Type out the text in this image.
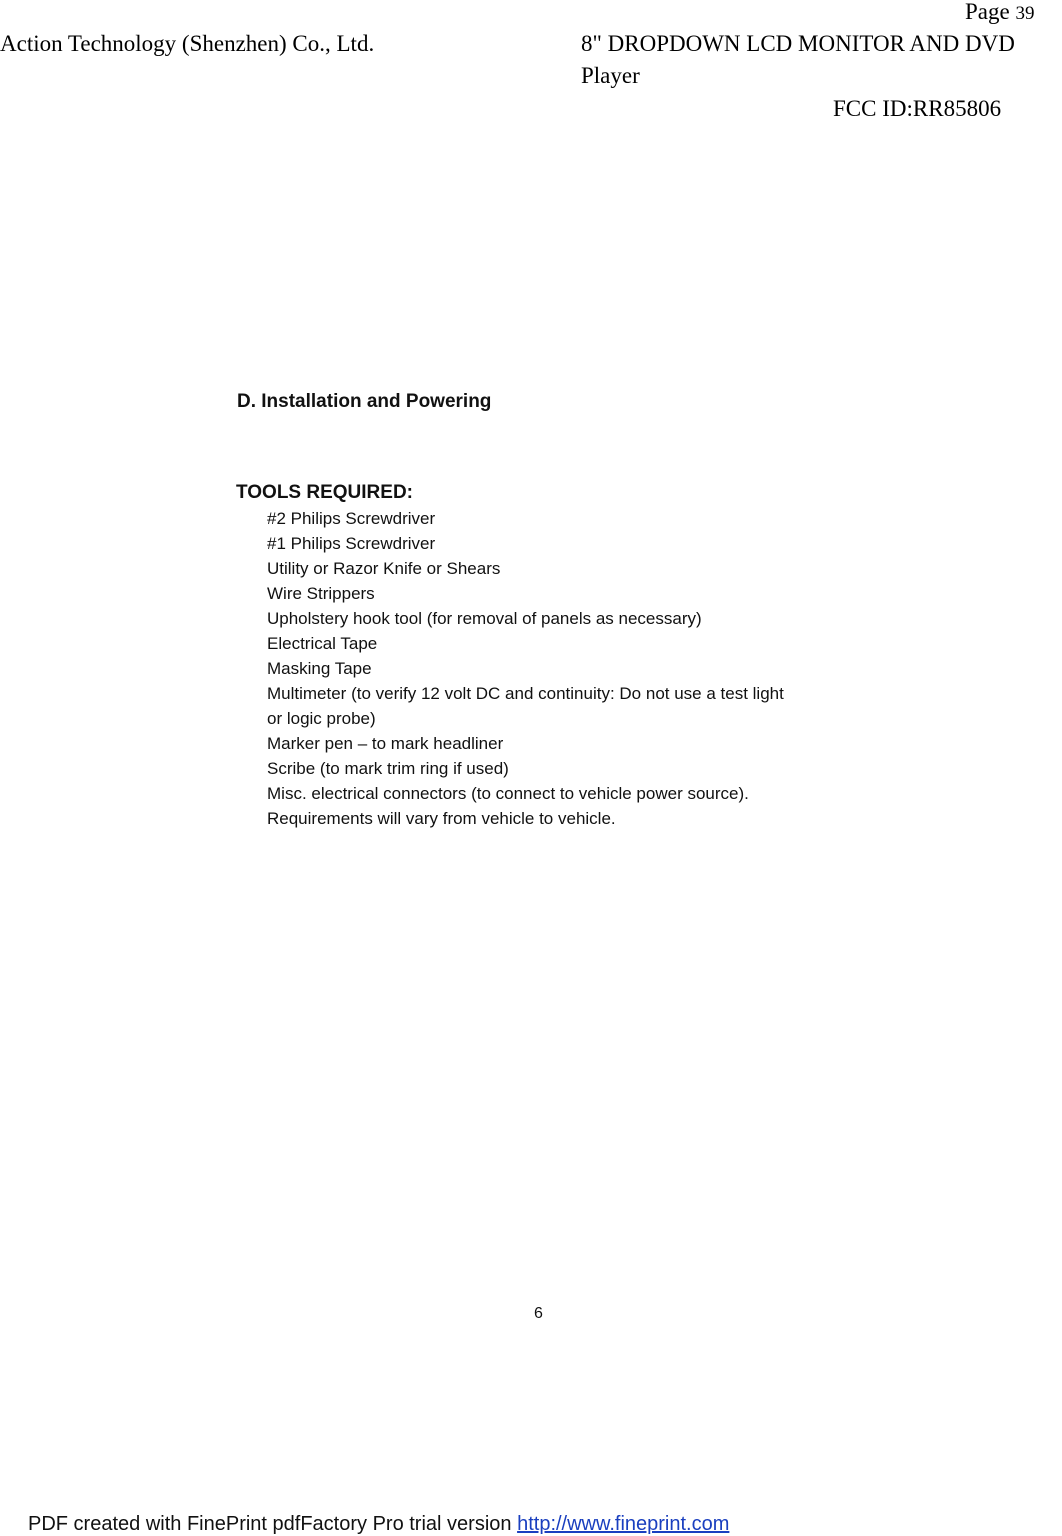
Page 39
Action Technology (Shenzhen) Co., Ltd.	8" DROPDOWN LCD MONITOR AND DVD
Player
FCC ID:RR85806
D. Installation and Powering
TOOLS REQUIRED:
#2 Philips Screwdriver
#1 Philips Screwdriver
Utility or Razor Knife or Shears
Wire Strippers
Upholstery hook tool (for removal of panels as necessary)
Electrical Tape
Masking Tape
Multimeter (to verify 12 volt DC and continuity: Do not use a test light
or logic probe)
Marker pen – to mark headliner
Scribe (to mark trim ring if used)
Misc. electrical connectors (to connect to vehicle power source).
Requirements will vary from vehicle to vehicle.
6
PDF created with FinePrint pdfFactory Pro trial version http://www.fineprint.com
